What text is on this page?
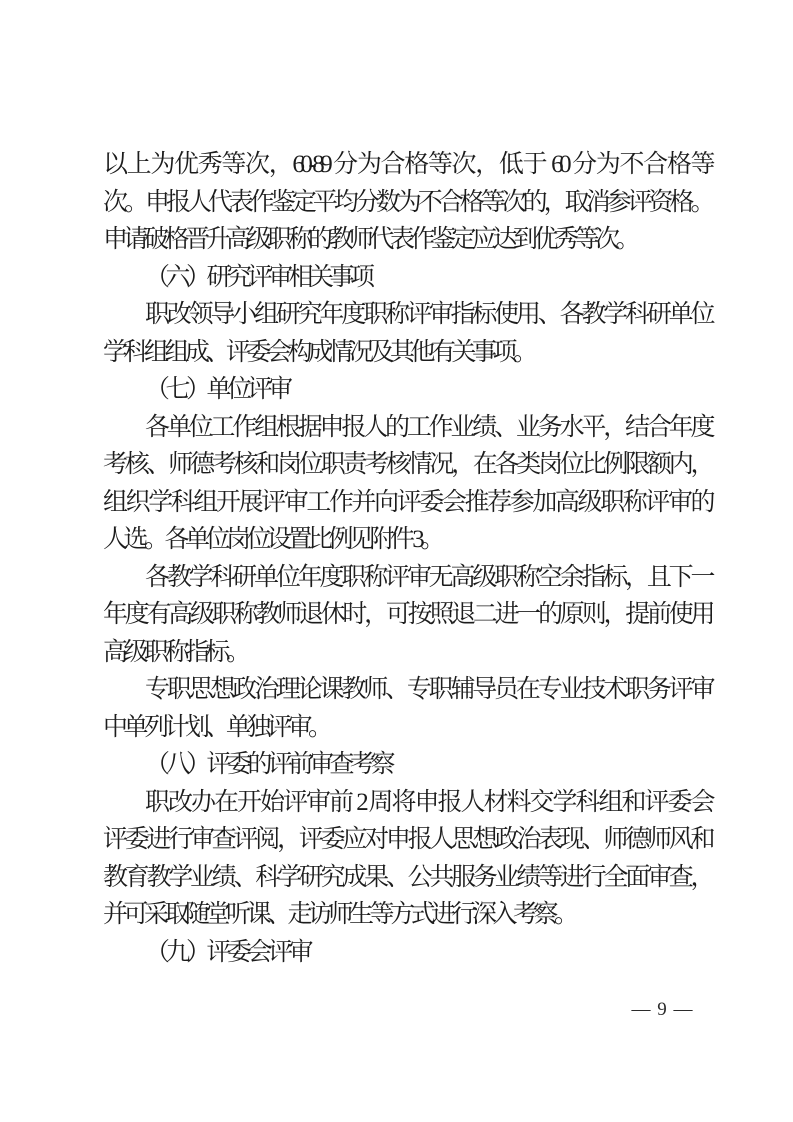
以上为优秀等次，60-89 分为合格等次，低于 60 分为不合格等
次。申报人代表作鉴定平均分数为不合格等次的，取消参评资格。
申请破格晋升高级职称的教师代表作鉴定应达到优秀等次。
（六）研究评审相关事项
职改领导小组研究年度职称评审指标使用、各教学科研单位
学科组组成、评委会构成情况及其他有关事项。
（七）单位评审
各单位工作组根据申报人的工作业绩、业务水平，结合年度
考核、师德考核和岗位职责考核情况，在各类岗位比例限额内，
组织学科组开展评审工作并向评委会推荐参加高级职称评审的
人选。各单位岗位设置比例见附件 3。
各教学科研单位年度职称评审无高级职称空余指标，且下一
年度有高级职称教师退休时，可按照退二进一的原则，提前使用
高级职称指标。
专职思想政治理论课教师、专职辅导员在专业技术职务评审
中单列计划、单独评审。
（八）评委的评前审查考察
职改办在开始评审前 2 周将申报人材料交学科组和评委会
评委进行审查评阅，评委应对申报人思想政治表现、师德师风和
教育教学业绩、科学研究成果、公共服务业绩等进行全面审查，
并可采取随堂听课、走访师生等方式进行深入考察。
（九）评委会评审
— 9 —
